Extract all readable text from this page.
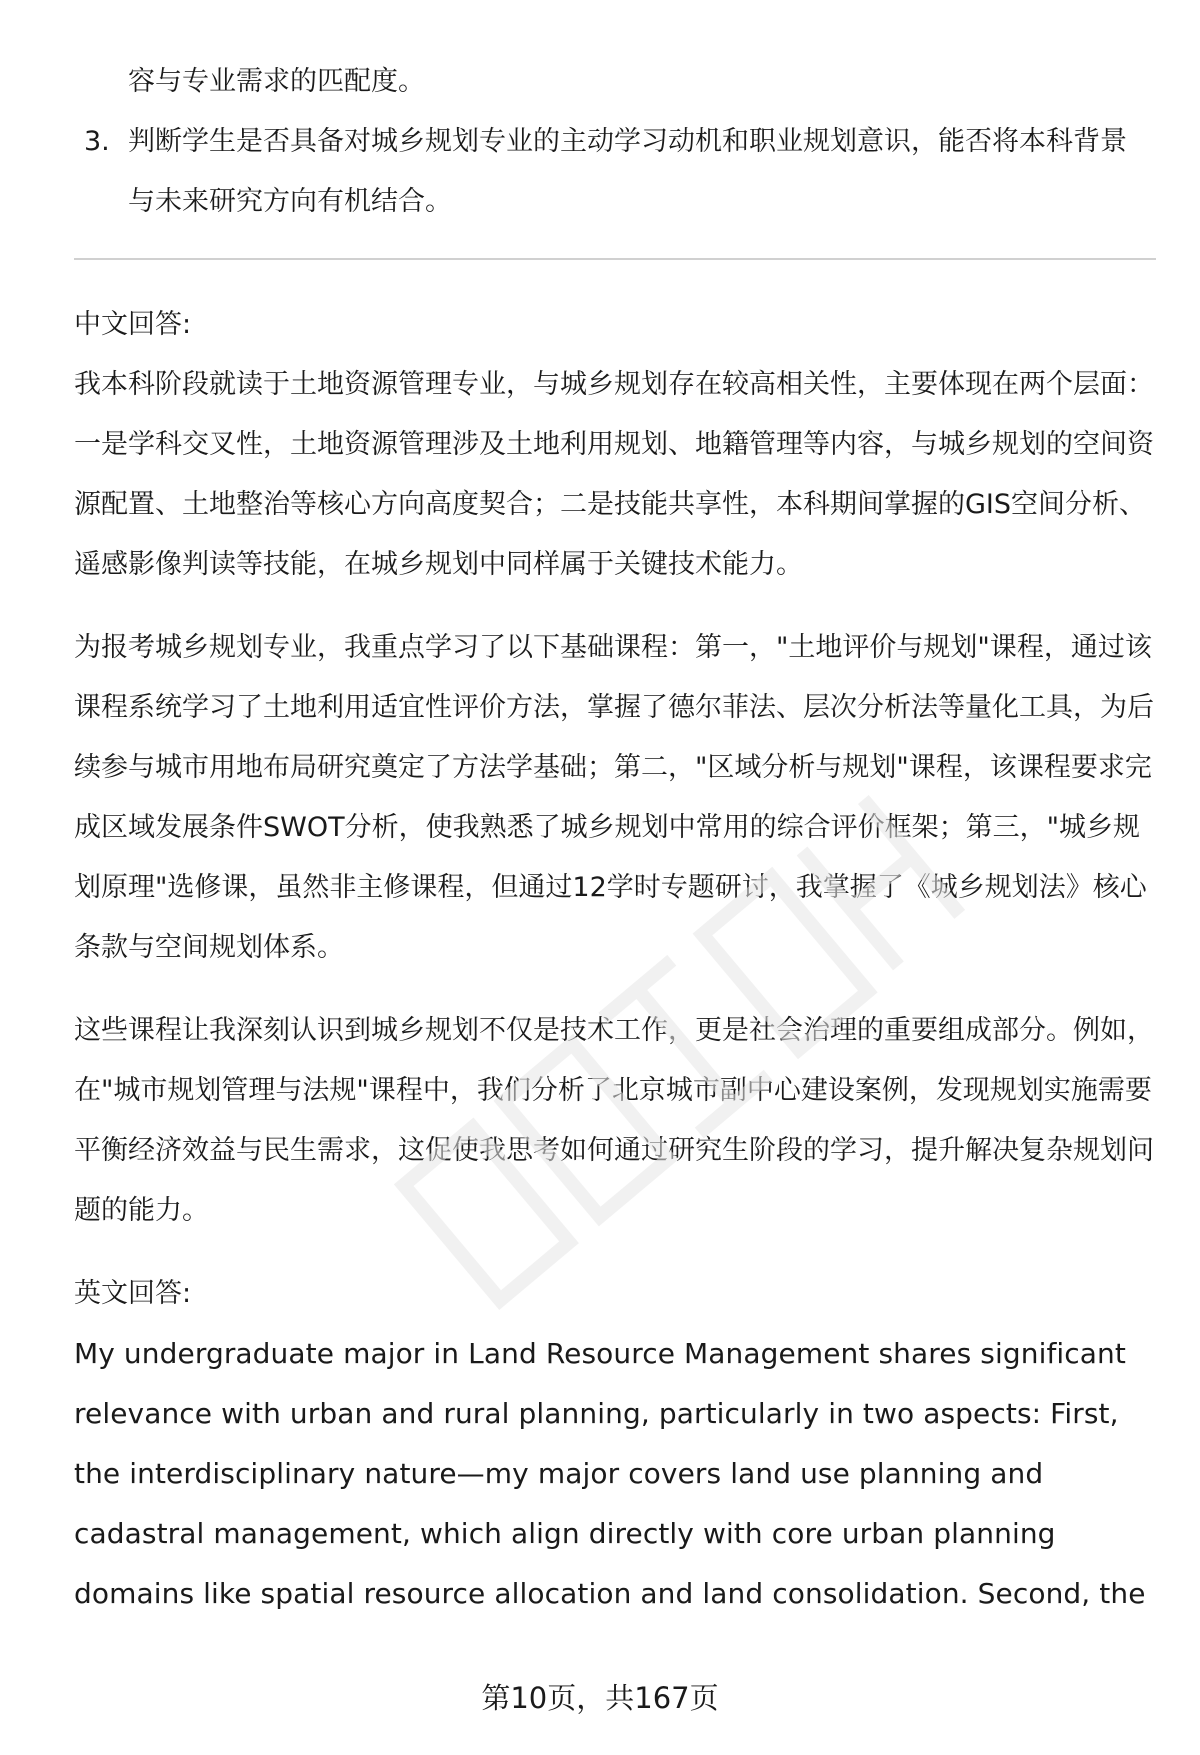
容与专业需求的匹配度。
3. 判断学生是否具备对城乡规划专业的主动学习动机和职业规划意识，能否将本科背景与未来研究方向有机结合。
中文回答:
我本科阶段就读于土地资源管理专业，与城乡规划存在较高相关性，主要体现在两个层面：一是学科交叉性，土地资源管理涉及土地利用规划、地籍管理等内容，与城乡规划的空间资源配置、土地整治等核心方向高度契合；二是技能共享性，本科期间掌握的GIS空间分析、遥感影像判读等技能，在城乡规划中同样属于关键技术能力。
为报考城乡规划专业，我重点学习了以下基础课程：第一，"土地评价与规划"课程，通过该课程系统学习了土地利用适宜性评价方法，掌握了德尔菲法、层次分析法等量化工具，为后续参与城市用地布局研究奠定了方法学基础；第二，"区域分析与规划"课程，该课程要求完成区域发展条件SWOT分析，使我熟悉了城乡规划中常用的综合评价框架；第三，"城乡规划原理"选修课，虽然非主修课程，但通过12学时专题研讨，我掌握了《城乡规划法》核心条款与空间规划体系。
这些课程让我深刻认识到城乡规划不仅是技术工作，更是社会治理的重要组成部分。例如，在"城市规划管理与法规"课程中，我们分析了北京城市副中心建设案例，发现规划实施需要平衡经济效益与民生需求，这促使我思考如何通过研究生阶段的学习，提升解决复杂规划问题的能力。
英文回答:
My undergraduate major in Land Resource Management shares significant relevance with urban and rural planning, particularly in two aspects: First, the interdisciplinary nature—my major covers land use planning and cadastral management, which align directly with core urban planning domains like spatial resource allocation and land consolidation. Second, the
第10页，共167页
